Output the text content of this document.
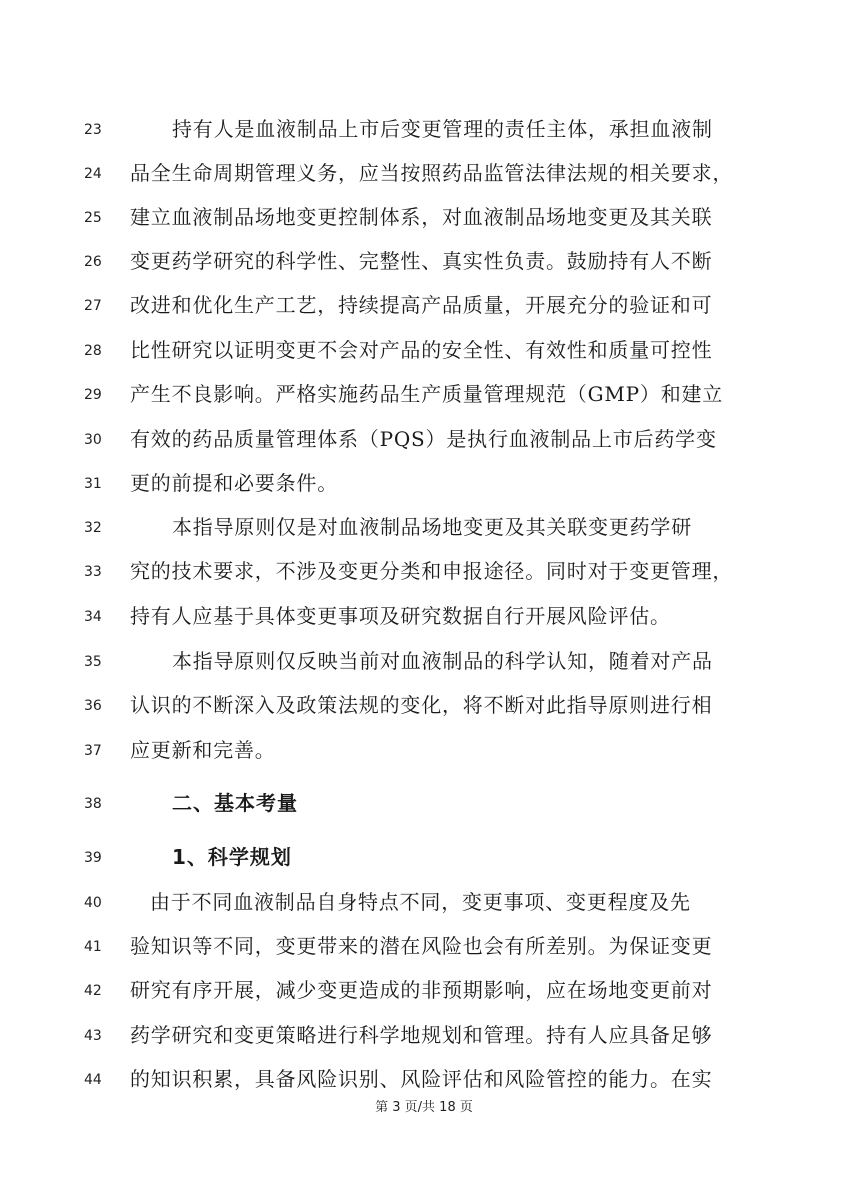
23	持有人是血液制品上市后变更管理的责任主体，承担血液制
24	品全生命周期管理义务，应当按照药品监管法律法规的相关要求，
25	建立血液制品场地变更控制体系，对血液制品场地变更及其关联
26	变更药学研究的科学性、完整性、真实性负责。鼓励持有人不断
27	改进和优化生产工艺，持续提高产品质量，开展充分的验证和可
28	比性研究以证明变更不会对产品的安全性、有效性和质量可控性
29	产生不良影响。严格实施药品生产质量管理规范（GMP）和建立
30	有效的药品质量管理体系（PQS）是执行血液制品上市后药学变
31	更的前提和必要条件。
32	本指导原则仅是对血液制品场地变更及其关联变更药学研
33	究的技术要求，不涉及变更分类和申报途径。同时对于变更管理，
34	持有人应基于具体变更事项及研究数据自行开展风险评估。
35	本指导原则仅反映当前对血液制品的科学认知，随着对产品
36	认识的不断深入及政策法规的变化，将不断对此指导原则进行相
37	应更新和完善。
38	二、基本考量
39	1、科学规划
40	由于不同血液制品自身特点不同，变更事项、变更程度及先
41	验知识等不同，变更带来的潜在风险也会有所差别。为保证变更
42	研究有序开展，减少变更造成的非预期影响，应在场地变更前对
43	药学研究和变更策略进行科学地规划和管理。持有人应具备足够
44	的知识积累，具备风险识别、风险评估和风险管控的能力。在实
第 3 页/共 18 页
